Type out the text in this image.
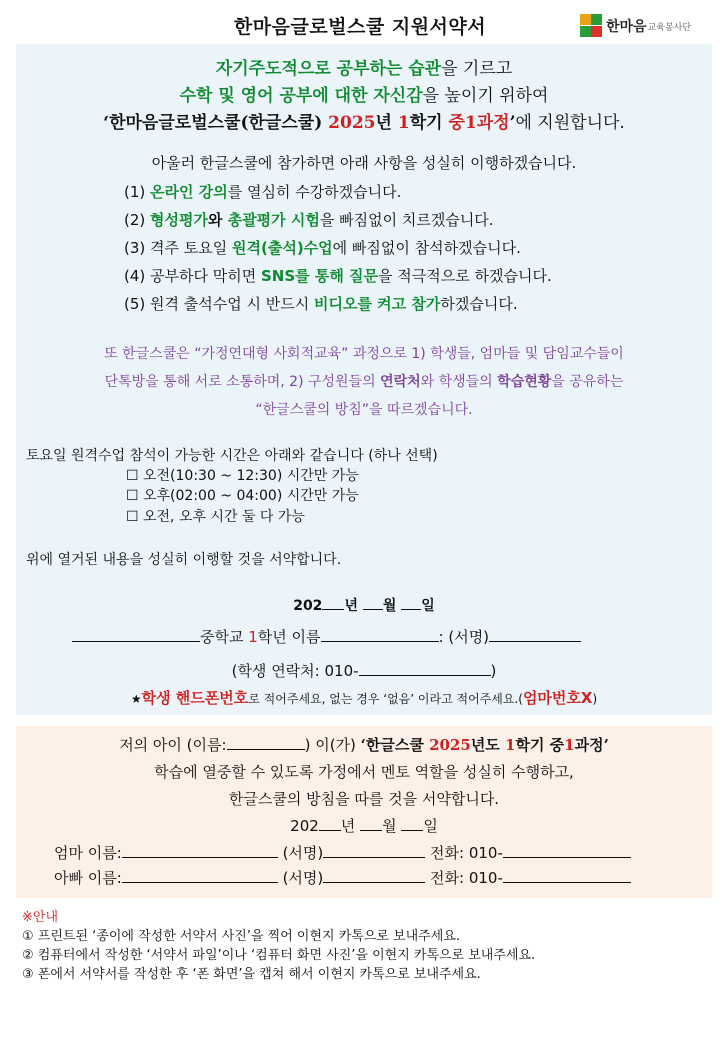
한마음글로벌스쿨 지원서약서	한마음 교육봉사단
자기주도적으로 공부하는 습관을 기르고
수학 및 영어 공부에 대한 자신감을 높이기 위하여
‘한마음글로벌스쿨(한글스쿨) 2025년 1학기 중1과정’에 지원합니다.
아울러 한글스쿨에 참가하면 아래 사항을 성실히 이행하겠습니다.
(1) 온라인 강의를 열심히 수강하겠습니다.
(2) 형성평가와 총괄평가 시험을 빠짐없이 치르겠습니다.
(3) 격주 토요일 원격(출석)수업에 빠짐없이 참석하겠습니다.
(4) 공부하다 막히면 SNS를 통해 질문을 적극적으로 하겠습니다.
(5) 원격 출석수업 시 반드시 비디오를 켜고 참가하겠습니다.
또 한글스쿨은 “가정연대형 사회적교육” 과정으로 1) 학생들, 엄마들 및 담임교수들이
단톡방을 통해 서로 소통하며, 2) 구성원들의 연락처와 학생들의 학습현황을 공유하는
“한글스쿨의 방침”을 따르겠습니다.
토요일 원격수업 참석이 가능한 시간은 아래와 같습니다 (하나 선택)
☐ 오전(10:30 ~ 12:30) 시간만 가능
☐ 오후(02:00 ~ 04:00) 시간만 가능
☐ 오전, 오후 시간 둘 다 가능
위에 열거된 내용을 성실히 이행할 것을 서약합니다.
202 년 월 일
중학교 1학년 이름	: (서명)
(학생 연락처: 010-	)
★학생 핸드폰번호로 적어주세요, 없는 경우 ‘없음’ 이라고 적어주세요.(엄마번호X)
저의 아이 (이름:	) 이(가) ‘한글스쿨 2025년도 1학기 중1과정’
학습에 열중할 수 있도록 가정에서 멘토 역할을 성실히 수행하고,
한글스쿨의 방침을 따를 것을 서약합니다.
202 년 월 일
엄마 이름:	(서명)	전화: 010-
아빠 이름:	(서명)	전화: 010-
※안내
① 프린트된 ‘종이에 작성한 서약서 사진’을 찍어 이현지 카톡으로 보내주세요.
② 컴퓨터에서 작성한 ‘서약서 파일’이나 ‘컴퓨터 화면 사진’을 이현지 카톡으로 보내주세요.
③ 폰에서 서약서를 작성한 후 ‘폰 화면’을 캡쳐 해서 이현지 카톡으로 보내주세요.
